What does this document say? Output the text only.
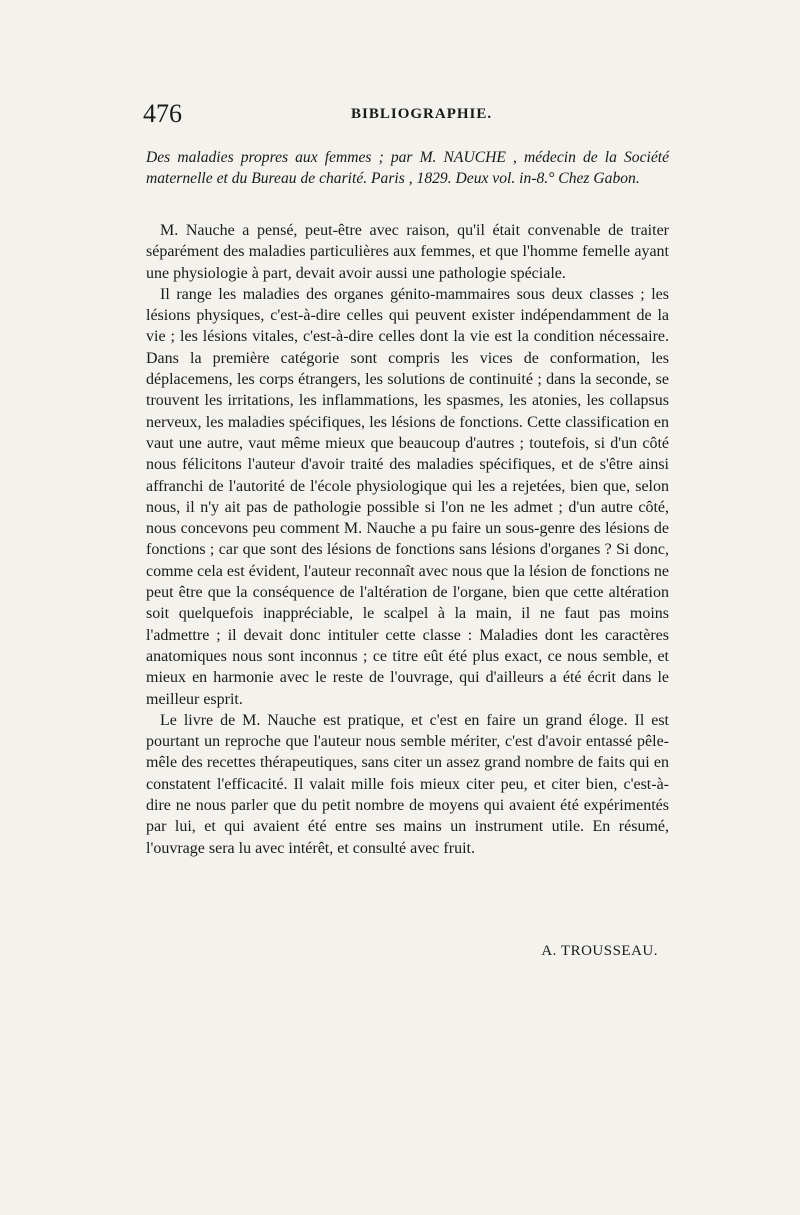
476	BIBLIOGRAPHIE.

Des maladies propres aux femmes ; par M. NAUCHE , médecin de la Société maternelle et du Bureau de charité. Paris , 1829. Deux vol. in-8.° Chez Gabon.

M. Nauche a pensé, peut-être avec raison, qu'il était convenable de traiter séparément des maladies particulières aux femmes, et que l'homme femelle ayant une physiologie à part, devait avoir aussi une pathologie spéciale.

Il range les maladies des organes génito-mammaires sous deux classes ; les lésions physiques, c'est-à-dire celles qui peuvent exister indépendamment de la vie ; les lésions vitales, c'est-à-dire celles dont la vie est la condition nécessaire. Dans la première catégorie sont compris les vices de conformation, les déplacemens, les corps étrangers, les solutions de continuité ; dans la seconde, se trouvent les irritations, les inflammations, les spasmes, les atonies, les collapsus nerveux, les maladies spécifiques, les lésions de fonctions. Cette classification en vaut une autre, vaut même mieux que beaucoup d'autres ; toutefois, si d'un côté nous félicitons l'auteur d'avoir traité des maladies spécifiques, et de s'être ainsi affranchi de l'autorité de l'école physiologique qui les a rejetées, bien que, selon nous, il n'y ait pas de pathologie possible si l'on ne les admet ; d'un autre côté, nous concevons peu comment M. Nauche a pu faire un sous-genre des lésions de fonctions ; car que sont des lésions de fonctions sans lésions d'organes ? Si donc, comme cela est évident, l'auteur reconnaît avec nous que la lésion de fonctions ne peut être que la conséquence de l'altération de l'organe, bien que cette altération soit quelquefois inappréciable, le scalpel à la main, il ne faut pas moins l'admettre ; il devait donc intituler cette classe : Maladies dont les caractères anatomiques nous sont inconnus ; ce titre eût été plus exact, ce nous semble, et mieux en harmonie avec le reste de l'ouvrage, qui d'ailleurs a été écrit dans le meilleur esprit.

Le livre de M. Nauche est pratique, et c'est en faire un grand éloge. Il est pourtant un reproche que l'auteur nous semble mériter, c'est d'avoir entassé pêle-mêle des recettes thérapeutiques, sans citer un assez grand nombre de faits qui en constatent l'efficacité. Il valait mille fois mieux citer peu, et citer bien, c'est-à-dire ne nous parler que du petit nombre de moyens qui avaient été expérimentés par lui, et qui avaient été entre ses mains un instrument utile. En résumé, l'ouvrage sera lu avec intérêt, et consulté avec fruit.

A. TROUSSEAU.
